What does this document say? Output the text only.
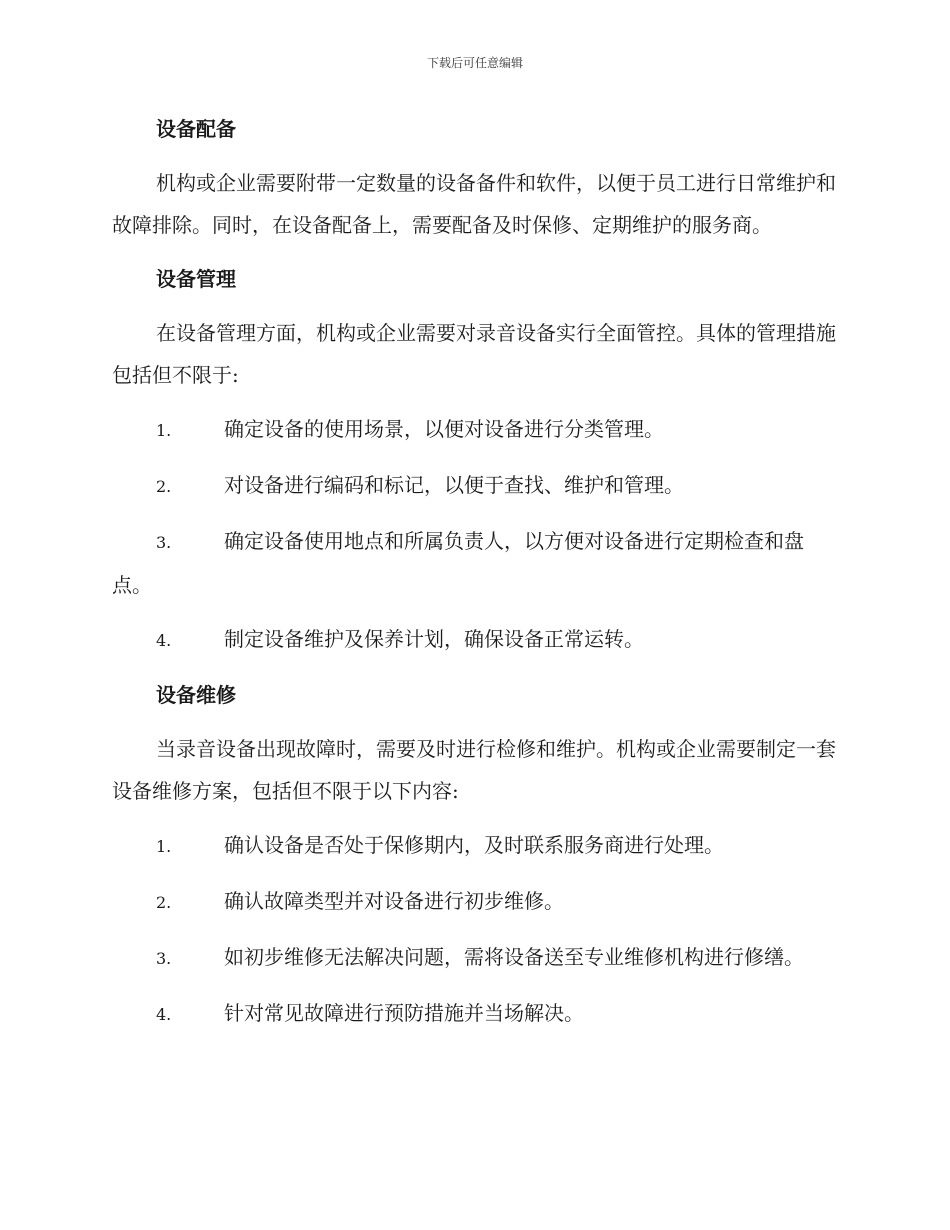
下载后可任意编辑
设备配备
机构或企业需要附带一定数量的设备备件和软件，以便于员工进行日常维护和故障排除。同时，在设备配备上，需要配备及时保修、定期维护的服务商。
设备管理
在设备管理方面，机构或企业需要对录音设备实行全面管控。具体的管理措施包括但不限于:
1.	确定设备的使用场景，以便对设备进行分类管理。
2.	对设备进行编码和标记，以便于查找、维护和管理。
3.	确定设备使用地点和所属负责人，以方便对设备进行定期检查和盘点。
4.	制定设备维护及保养计划，确保设备正常运转。
设备维修
当录音设备出现故障时，需要及时进行检修和维护。机构或企业需要制定一套设备维修方案，包括但不限于以下内容:
1.	确认设备是否处于保修期内，及时联系服务商进行处理。
2.	确认故障类型并对设备进行初步维修。
3.	如初步维修无法解决问题，需将设备送至专业维修机构进行修缮。
4.	针对常见故障进行预防措施并当场解决。
